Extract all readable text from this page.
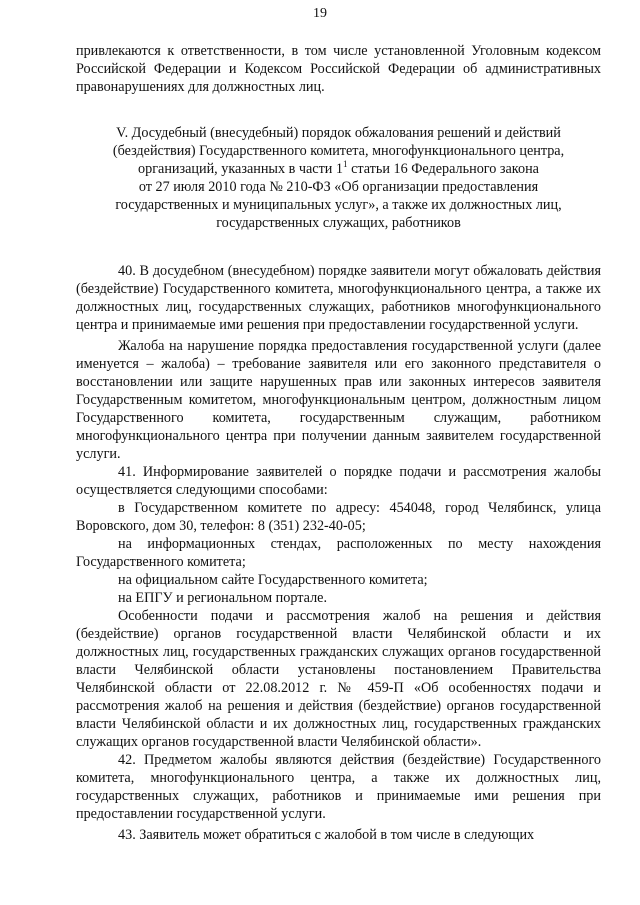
19

привлекаются к ответственности, в том числе установленной Уголовным кодексом Российской Федерации и Кодексом Российской Федерации об административных правонарушениях для должностных лиц.

V. Досудебный (внесудебный) порядок обжалования решений и действий

(бездействия) Государственного комитета, многофункционального центра,

организаций, указанных в части $1^1$ статьи 16 Федерального закона

от 27 июля 2010 года № 210-ФЗ «Об организации предоставления

государственных и муниципальных услуг», а также их должностных лиц,

государственных служащих, работников

40. В досудебном (внесудебном) порядке заявители могут обжаловать действия (бездействие) Государственного комитета, многофункционального центра, а также их должностных лиц, государственных служащих, работников многофункционального центра и принимаемые ими решения при предоставлении государственной услуги.

Жалоба на нарушение порядка предоставления государственной услуги (далее именуется – жалоба) – требование заявителя или его законного представителя о восстановлении или защите нарушенных прав или законных интересов заявителя Государственным комитетом, многофункциональным центром, должностным лицом Государственного комитета, государственным служащим, работником многофункционального центра при получении данным заявителем государственной услуги.

41. Информирование заявителей о порядке подачи и рассмотрения жалобы осуществляется следующими способами:

в Государственном комитете по адресу: 454048, город Челябинск, улица Воровского, дом 30, телефон: 8 (351) 232-40-05;

на информационных стендах, расположенных по месту нахождения Государственного комитета;

на официальном сайте Государственного комитета;

на ЕПГУ и региональном портале.

Особенности подачи и рассмотрения жалоб на решения и действия (бездействие) органов государственной власти Челябинской области и их должностных лиц, государственных гражданских служащих органов государственной власти Челябинской области установлены постановлением Правительства Челябинской области от 22.08.2012 г. № 459-П «Об особенностях подачи и рассмотрения жалоб на решения и действия (бездействие) органов государственной власти Челябинской области и их должностных лиц, государственных гражданских служащих органов государственной власти Челябинской области».

42. Предметом жалобы являются действия (бездействие) Государственного комитета, многофункционального центра, а также их должностных лиц, государственных служащих, работников и принимаемые ими решения при предоставлении государственной услуги.

43. Заявитель может обратиться с жалобой в том числе в следующих
